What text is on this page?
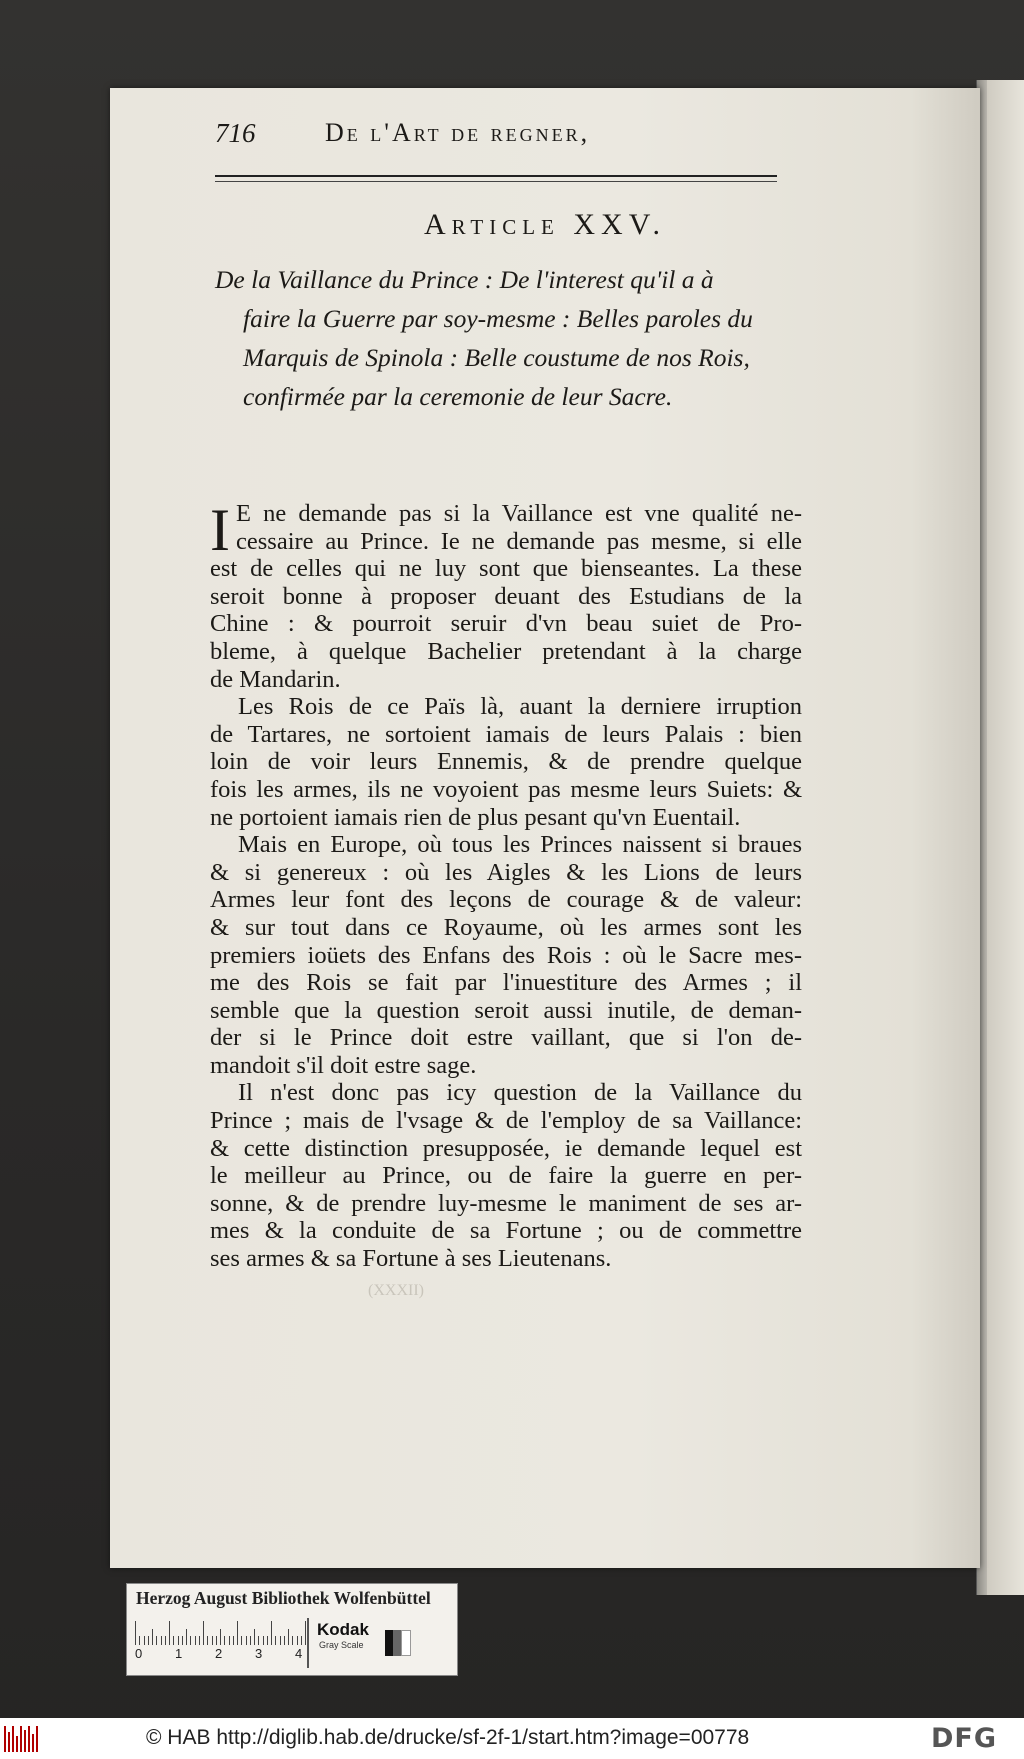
716	De l'Art de regner,
Article XXV.
De la Vaillance du Prince : De l'interest qu'il a à
faire la Guerre par soy-mesme : Belles paroles du
Marquis de Spinola : Belle coustume de nos Rois,
confirmée par la ceremonie de leur Sacre.
I E ne demande pas si la Vaillance est vne qualité ne-
cessaire au Prince. Ie ne demande pas mesme, si elle
est de celles qui ne luy sont que bienseantes. La these
seroit bonne à proposer deuant des Estudians de la
Chine : & pourroit seruir d'vn beau suiet de Pro-
bleme, à quelque Bachelier pretendant à la charge
de Mandarin.
Les Rois de ce Païs là, auant la derniere irruption
de Tartares, ne sortoient iamais de leurs Palais : bien
loin de voir leurs Ennemis, & de prendre quelque
fois les armes, ils ne voyoient pas mesme leurs Suiets: &
ne portoient iamais rien de plus pesant qu'vn Euentail.
Mais en Europe, où tous les Princes naissent si braues
& si genereux : où les Aigles & les Lions de leurs
Armes leur font des leçons de courage & de valeur:
& sur tout dans ce Royaume, où les armes sont les
premiers ioüets des Enfans des Rois : où le Sacre mes-
me des Rois se fait par l'inuestiture des Armes ; il
semble que la question seroit aussi inutile, de deman-
der si le Prince doit estre vaillant, que si l'on de-
mandoit s'il doit estre sage.
Il n'est donc pas icy question de la Vaillance du
Prince ; mais de l'vsage & de l'employ de sa Vaillance:
& cette distinction presupposée, ie demande lequel est
le meilleur au Prince, ou de faire la guerre en per-
sonne, & de prendre luy-mesme le maniment de ses ar-
mes & la conduite de sa Fortune ; ou de commettre
ses armes & sa Fortune à ses Lieutenans.
(XXXII)
Herzog August Bibliothek Wolfenbüttel
0	1	2	3	4
Kodak
Gray Scale
© HAB http://diglib.hab.de/drucke/sf-2f-1/start.htm?image=00778	DFG
